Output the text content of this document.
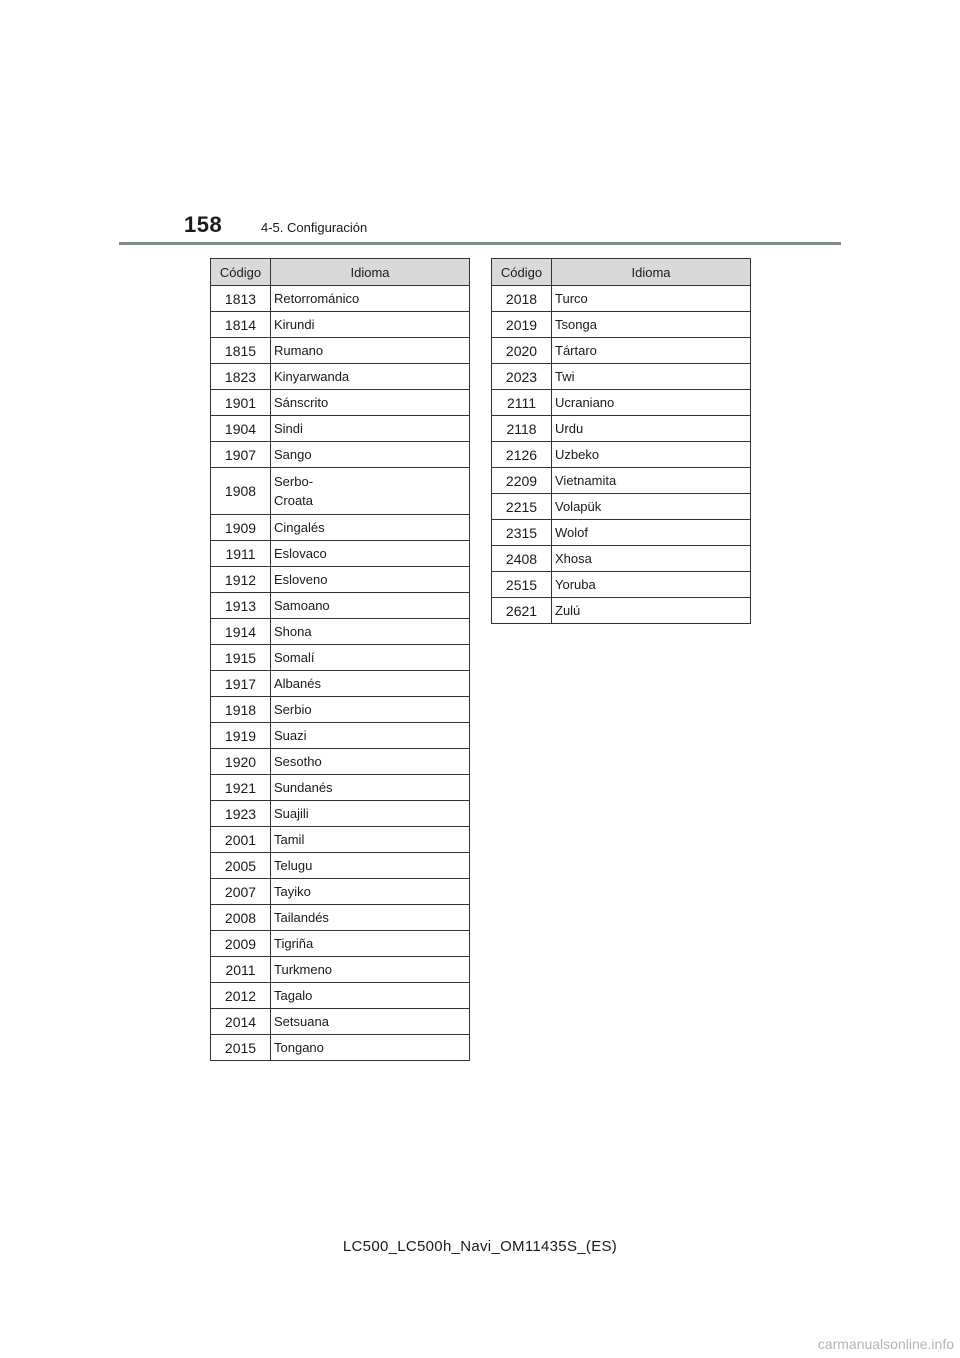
158	4-5. Configuración
Código	Idioma
1813	Retorrománico
1814	Kirundi
1815	Rumano
1823	Kinyarwanda
1901	Sánscrito
1904	Sindi
1907	Sango
1908	Serbo-
Croata
1909	Cingalés
1911	Eslovaco
1912	Esloveno
1913	Samoano
1914	Shona
1915	Somalí
1917	Albanés
1918	Serbio
1919	Suazi
1920	Sesotho
1921	Sundanés
1923	Suajili
2001	Tamil
2005	Telugu
2007	Tayiko
2008	Tailandés
2009	Tigriña
2011	Turkmeno
2012	Tagalo
2014	Setsuana
2015	Tongano
Código	Idioma
2018	Turco
2019	Tsonga
2020	Tártaro
2023	Twi
2111	Ucraniano
2118	Urdu
2126	Uzbeko
2209	Vietnamita
2215	Volapük
2315	Wolof
2408	Xhosa
2515	Yoruba
2621	Zulú
LC500_LC500h_Navi_OM11435S_(ES)
carmanualsonline.info
